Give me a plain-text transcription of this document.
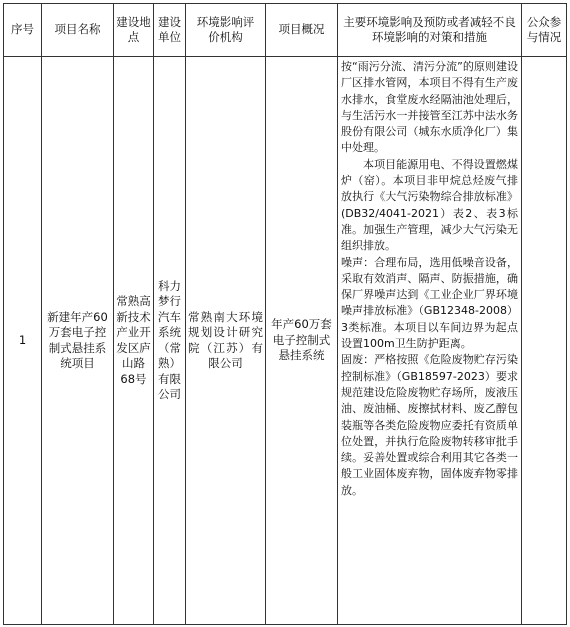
序号	项目名称	建设地点	建设单位	环境影响评价机构	项目概况	主要环境影响及预防或者减轻不良环境影响的对策和措施	公众参与情况
1	新建年产60万套电子控制式悬挂系统项目	常熟高新技术产业开发区庐山路68号	科力梦行汽车系统（常熟）有限公司	常熟南大环境规划设计研究院（江苏）有限公司	年产60万套电子控制式悬挂系统	按“雨污分流、清污分流”的原则建设厂区排水管网，本项目不得有生产废水排水，食堂废水经隔油池处理后，与生活污水一并接管至江苏中法水务股份有限公司（城东水质净化厂）集中处理。

本项目能源用电、不得设置燃煤炉（窑）。本项目非甲烷总烃废气排放执行《大气污染物综合排放标准》(DB32/4041-2021）表2、表3标准。加强生产管理，减少大气污染无组织排放。

噪声：合理布局，选用低噪音设备，采取有效消声、隔声、防振措施，确保厂界噪声达到《工业企业厂界环境噪声排放标准》（GB12348-2008）3类标准。本项目以车间边界为起点设置100m卫生防护距离。

固废：严格按照《危险废物贮存污染控制标准》（GB18597-2023）要求规范建设危险废物贮存场所，废液压油、废油桶、废擦拭材料、废乙醇包装瓶等各类危险废物应委托有资质单位处置，并执行危险废物转移审批手续。妥善处置或综合利用其它各类一般工业固体废弃物，固体废弃物零排放。	
